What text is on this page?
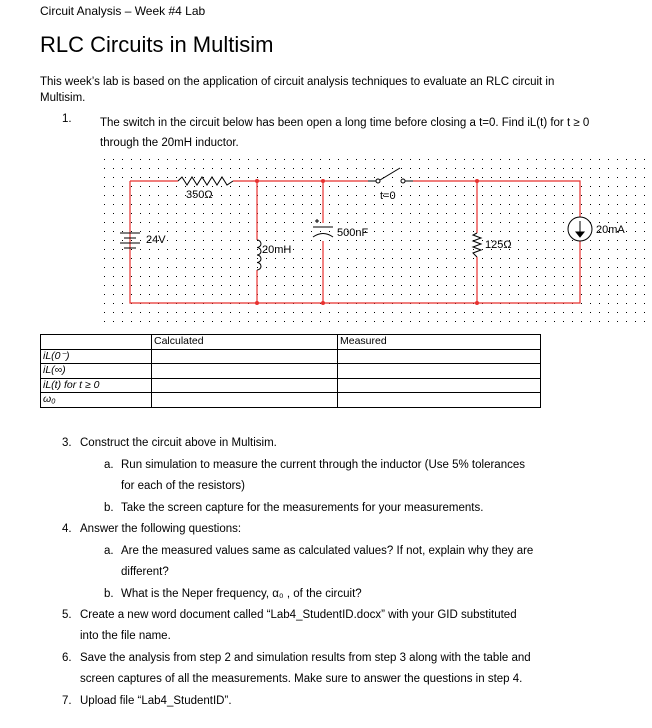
Circuit Analysis – Week #4 Lab
RLC Circuits in Multisim
This week’s lab is based on the application of circuit analysis techniques to evaluate an RLC circuit in Multisim.
1. The switch in the circuit below has been open a long time before closing a t=0. Find iL(t) for t ≥ 0 through the 20mH inductor.
350Ω
24V
20mH
500nF
t=0
125Ω
20mA
	Calculated	Measured
iL(0⁻)		
iL(∞)		
iL(t) for t ≥ 0		
ω₀		
3. Construct the circuit above in Multisim.
a. Run simulation to measure the current through the inductor (Use 5% tolerances
for each of the resistors)
b. Take the screen capture for the measurements for your measurements.
4. Answer the following questions:
a. Are the measured values same as calculated values? If not, explain why they are
different?
b. What is the Neper frequency, α₀ , of the circuit?
5. Create a new word document called “Lab4_StudentID.docx” with your GID substituted
into the file name.
6. Save the analysis from step 2 and simulation results from step 3 along with the table and
screen captures of all the measurements. Make sure to answer the questions in step 4.
7. Upload file “Lab4_StudentID”.
